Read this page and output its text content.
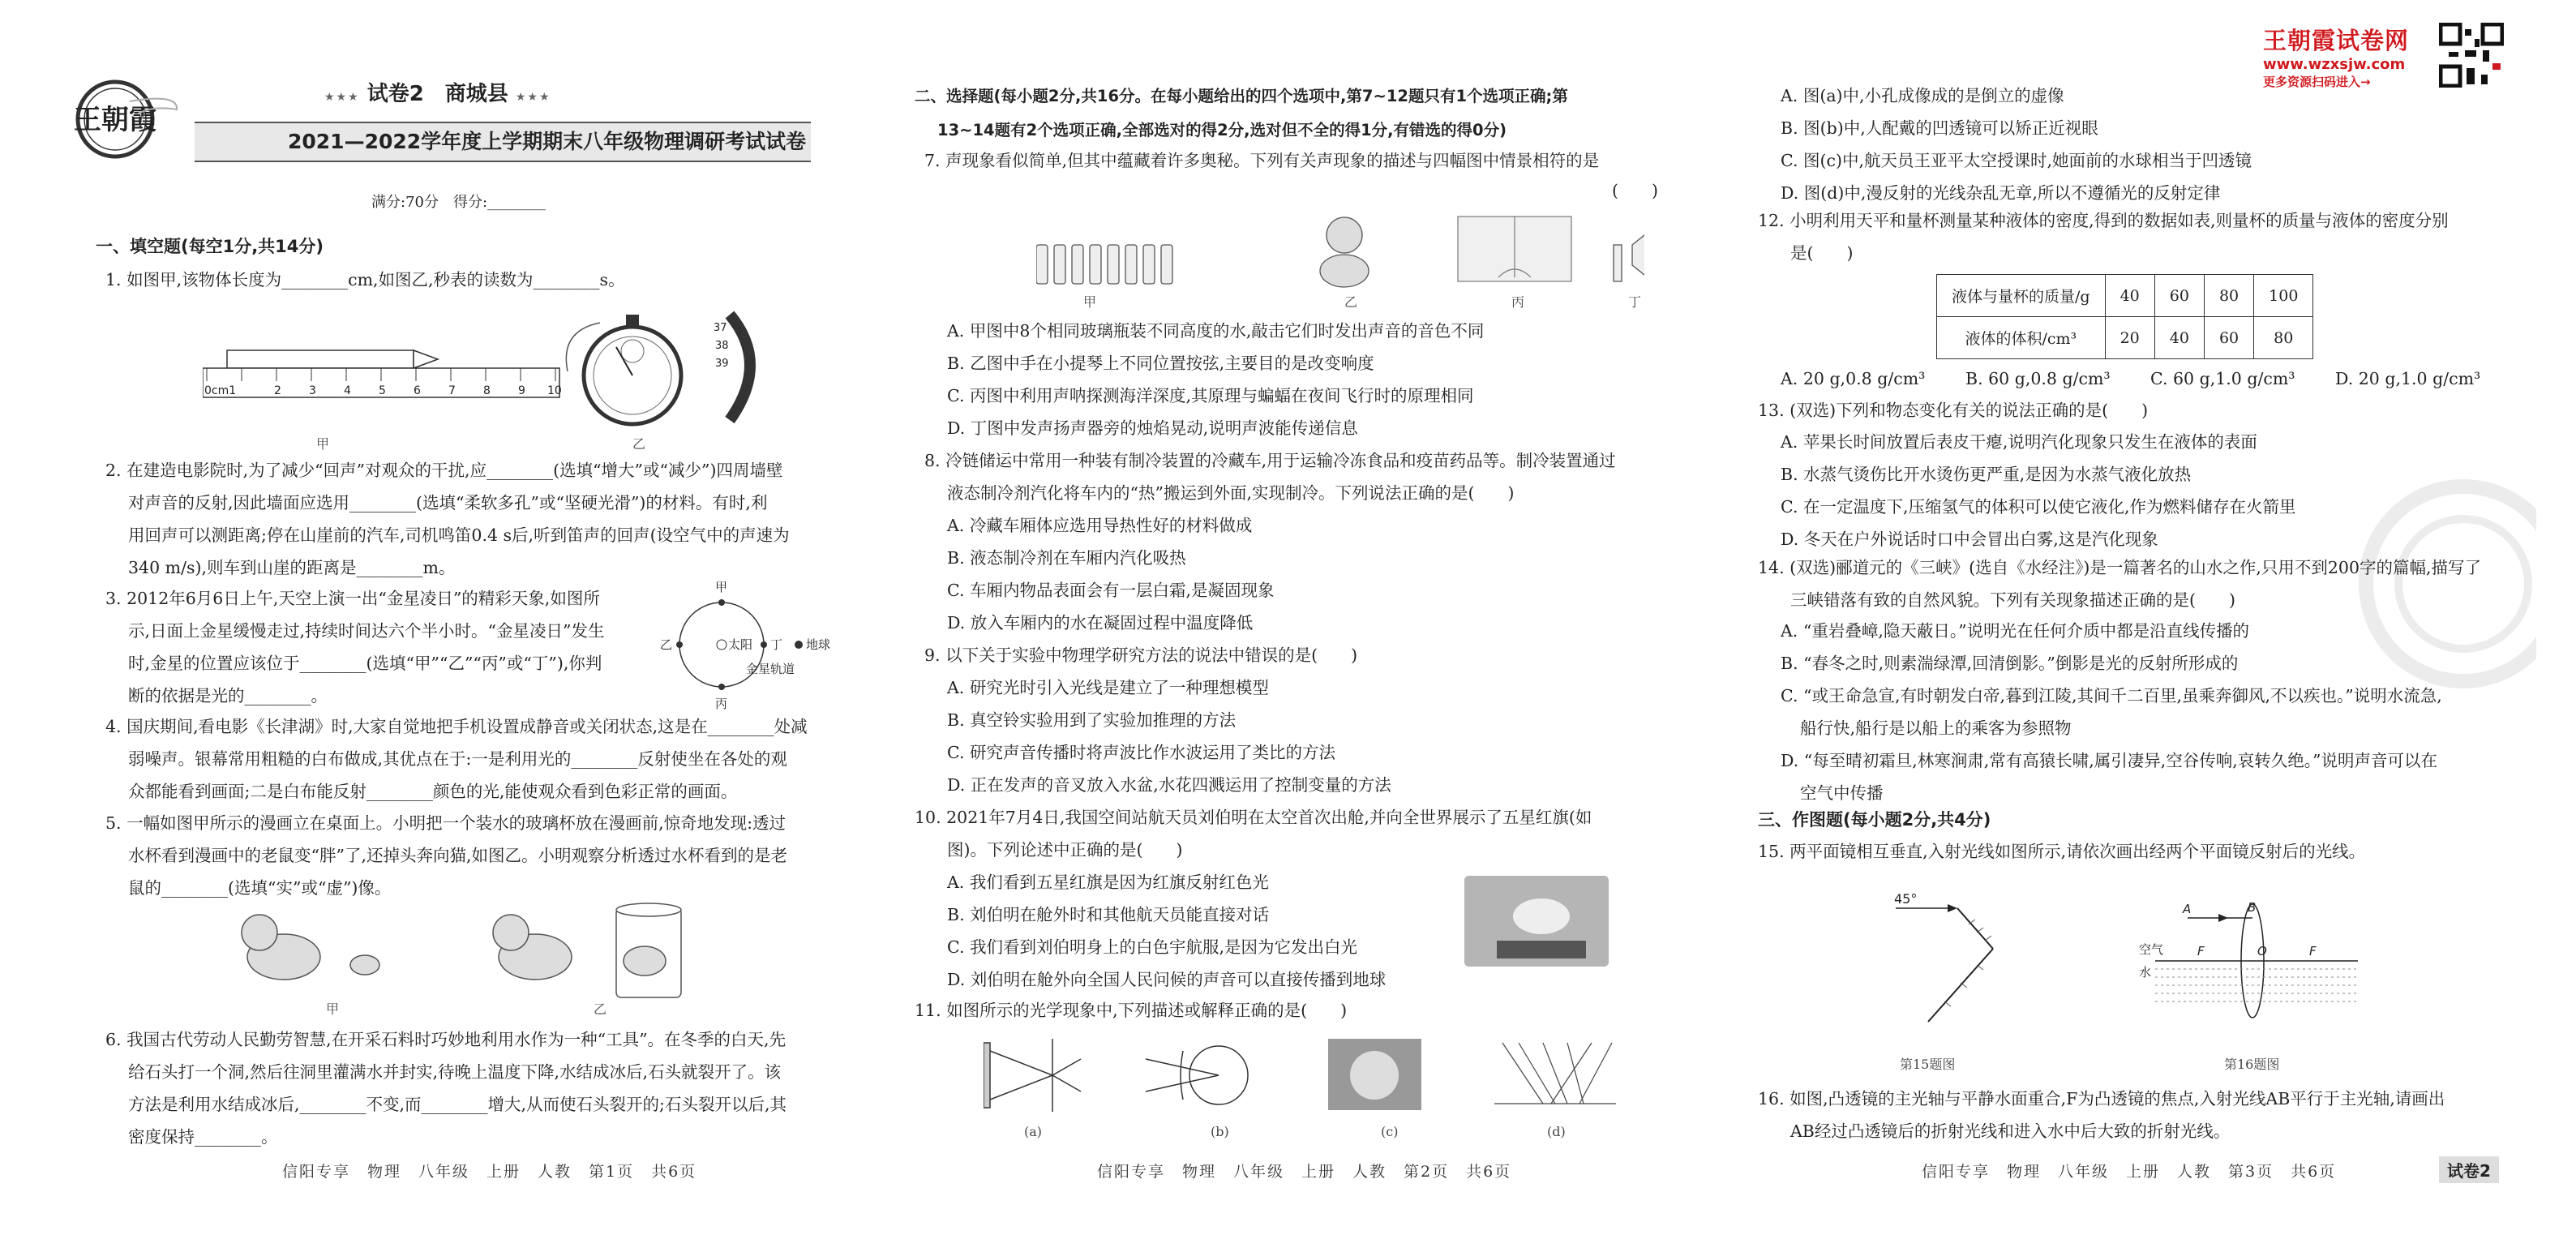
王朝霞
★★★ 试卷2　商城县 ★★★
2021—2022学年度上学期期末八年级物理调研考试试卷
满分:70分　得分:________
一、填空题(每空1分,共14分)
1. 如图甲,该物体长度为________cm,如图乙,秒表的读数为________s。
0cm1	2 3 4 5 6 7 8 9 10
甲
37
38
39
乙
2. 在建造电影院时,为了减少“回声”对观众的干扰,应________(选填“增大”或“减少”)四周墙壁
对声音的反射,因此墙面应选用________(选填“柔软多孔”或“坚硬光滑”)的材料。有时,利
用回声可以测距离;停在山崖前的汽车,司机鸣笛0.4 s后,听到笛声的回声(设空气中的声速为
340 m/s),则车到山崖的距离是________m。
3. 2012年6月6日上午,天空上演一出“金星凌日”的精彩天象,如图所
示,日面上金星缓慢走过,持续时间达六个半小时。“金星凌日”发生
时,金星的位置应该位于________(选填“甲”“乙”“丙”或“丁”),你判
断的依据是光的________。
甲
乙
丙
丁
太阳	地球
金星轨道
4. 国庆期间,看电影《长津湖》时,大家自觉地把手机设置成静音或关闭状态,这是在________处减
弱噪声。银幕常用粗糙的白布做成,其优点在于:一是利用光的________反射使坐在各处的观
众都能看到画面;二是白布能反射________颜色的光,能使观众看到色彩正常的画面。
5. 一幅如图甲所示的漫画立在桌面上。小明把一个装水的玻璃杯放在漫画前,惊奇地发现:透过
水杯看到漫画中的老鼠变“胖”了,还掉头奔向猫,如图乙。小明观察分析透过水杯看到的是老
鼠的________(选填“实”或“虚”)像。
甲	乙
6. 我国古代劳动人民勤劳智慧,在开采石料时巧妙地利用水作为一种“工具”。在冬季的白天,先
给石头打一个洞,然后往洞里灌满水并封实,待晚上温度下降,水结成冰后,石头就裂开了。该
方法是利用水结成冰后,________不变,而________增大,从而使石头裂开的;石头裂开以后,其
密度保持________。
信阳专享　物理　八年级　上册　人教　第1页　共6页
二、选择题(每小题2分,共16分。在每小题给出的四个选项中,第7~12题只有1个选项正确;第
13~14题有2个选项正确,全部选对的得2分,选对但不全的得1分,有错选的得0分)
7. 声现象看似简单,但其中蕴藏着许多奥秘。下列有关声现象的描述与四幅图中情景相符的是
(　　)
甲	乙	丙	丁
A. 甲图中8个相同玻璃瓶装不同高度的水,敲击它们时发出声音的音色不同
B. 乙图中手在小提琴上不同位置按弦,主要目的是改变响度
C. 丙图中利用声呐探测海洋深度,其原理与蝙蝠在夜间飞行时的原理相同
D. 丁图中发声扬声器旁的烛焰晃动,说明声波能传递信息
8. 冷链储运中常用一种装有制冷装置的冷藏车,用于运输冷冻食品和疫苗药品等。制冷装置通过
液态制冷剂汽化将车内的“热”搬运到外面,实现制冷。下列说法正确的是(　　)
A. 冷藏车厢体应选用导热性好的材料做成
B. 液态制冷剂在车厢内汽化吸热
C. 车厢内物品表面会有一层白霜,是凝固现象
D. 放入车厢内的水在凝固过程中温度降低
9. 以下关于实验中物理学研究方法的说法中错误的是(　　)
A. 研究光时引入光线是建立了一种理想模型
B. 真空铃实验用到了实验加推理的方法
C. 研究声音传播时将声波比作水波运用了类比的方法
D. 正在发声的音叉放入水盆,水花四溅运用了控制变量的方法
10. 2021年7月4日,我国空间站航天员刘伯明在太空首次出舱,并向全世界展示了五星红旗(如
图)。下列论述中正确的是(　　)
A. 我们看到五星红旗是因为红旗反射红色光
B. 刘伯明在舱外时和其他航天员能直接对话
C. 我们看到刘伯明身上的白色宇航服,是因为它发出白光
D. 刘伯明在舱外向全国人民问候的声音可以直接传播到地球
11. 如图所示的光学现象中,下列描述或解释正确的是(　　)
(a)	(b)	(c)	(d)
信阳专享　物理　八年级　上册　人教　第2页　共6页
王朝霞试卷网
www.wzxsjw.com
更多资源扫码进入→
A. 图(a)中,小孔成像成的是倒立的虚像
B. 图(b)中,人配戴的凹透镜可以矫正近视眼
C. 图(c)中,航天员王亚平太空授课时,她面前的水球相当于凹透镜
D. 图(d)中,漫反射的光线杂乱无章,所以不遵循光的反射定律
12. 小明利用天平和量杯测量某种液体的密度,得到的数据如表,则量杯的质量与液体的密度分别
是(　　)
液体与量杯的质量/g	40	60	80	100
液体的体积/cm³	20	40	60	80
A. 20 g,0.8 g/cm³ B. 60 g,0.8 g/cm³ C. 60 g,1.0 g/cm³ D. 20 g,1.0 g/cm³
13. (双选)下列和物态变化有关的说法正确的是(　　)
A. 苹果长时间放置后表皮干瘪,说明汽化现象只发生在液体的表面
B. 水蒸气烫伤比开水烫伤更严重,是因为水蒸气液化放热
C. 在一定温度下,压缩氢气的体积可以使它液化,作为燃料储存在火箭里
D. 冬天在户外说话时口中会冒出白雾,这是汽化现象
14. (双选)郦道元的《三峡》(选自《水经注》)是一篇著名的山水之作,只用不到200字的篇幅,描写了
三峡错落有致的自然风貌。下列有关现象描述正确的是(　　)
A. “重岩叠嶂,隐天蔽日。”说明光在任何介质中都是沿直线传播的
B. “春冬之时,则素湍绿潭,回清倒影。”倒影是光的反射所形成的
C. “或王命急宣,有时朝发白帝,暮到江陵,其间千二百里,虽乘奔御风,不以疾也。”说明水流急,
船行快,船行是以船上的乘客为参照物
D. “每至晴初霜旦,林寒涧肃,常有高猿长啸,属引凄异,空谷传响,哀转久绝。”说明声音可以在
空气中传播
三、作图题(每小题2分,共4分)
15. 两平面镜相互垂直,入射光线如图所示,请依次画出经两个平面镜反射后的光线。
45°
第15题图
A	B
空气
水
F	O	F
第16题图
16. 如图,凸透镜的主光轴与平静水面重合,F为凸透镜的焦点,入射光线AB平行于主光轴,请画出
AB经过凸透镜后的折射光线和进入水中后大致的折射光线。
信阳专享　物理　八年级　上册　人教　第3页　共6页	试卷2
